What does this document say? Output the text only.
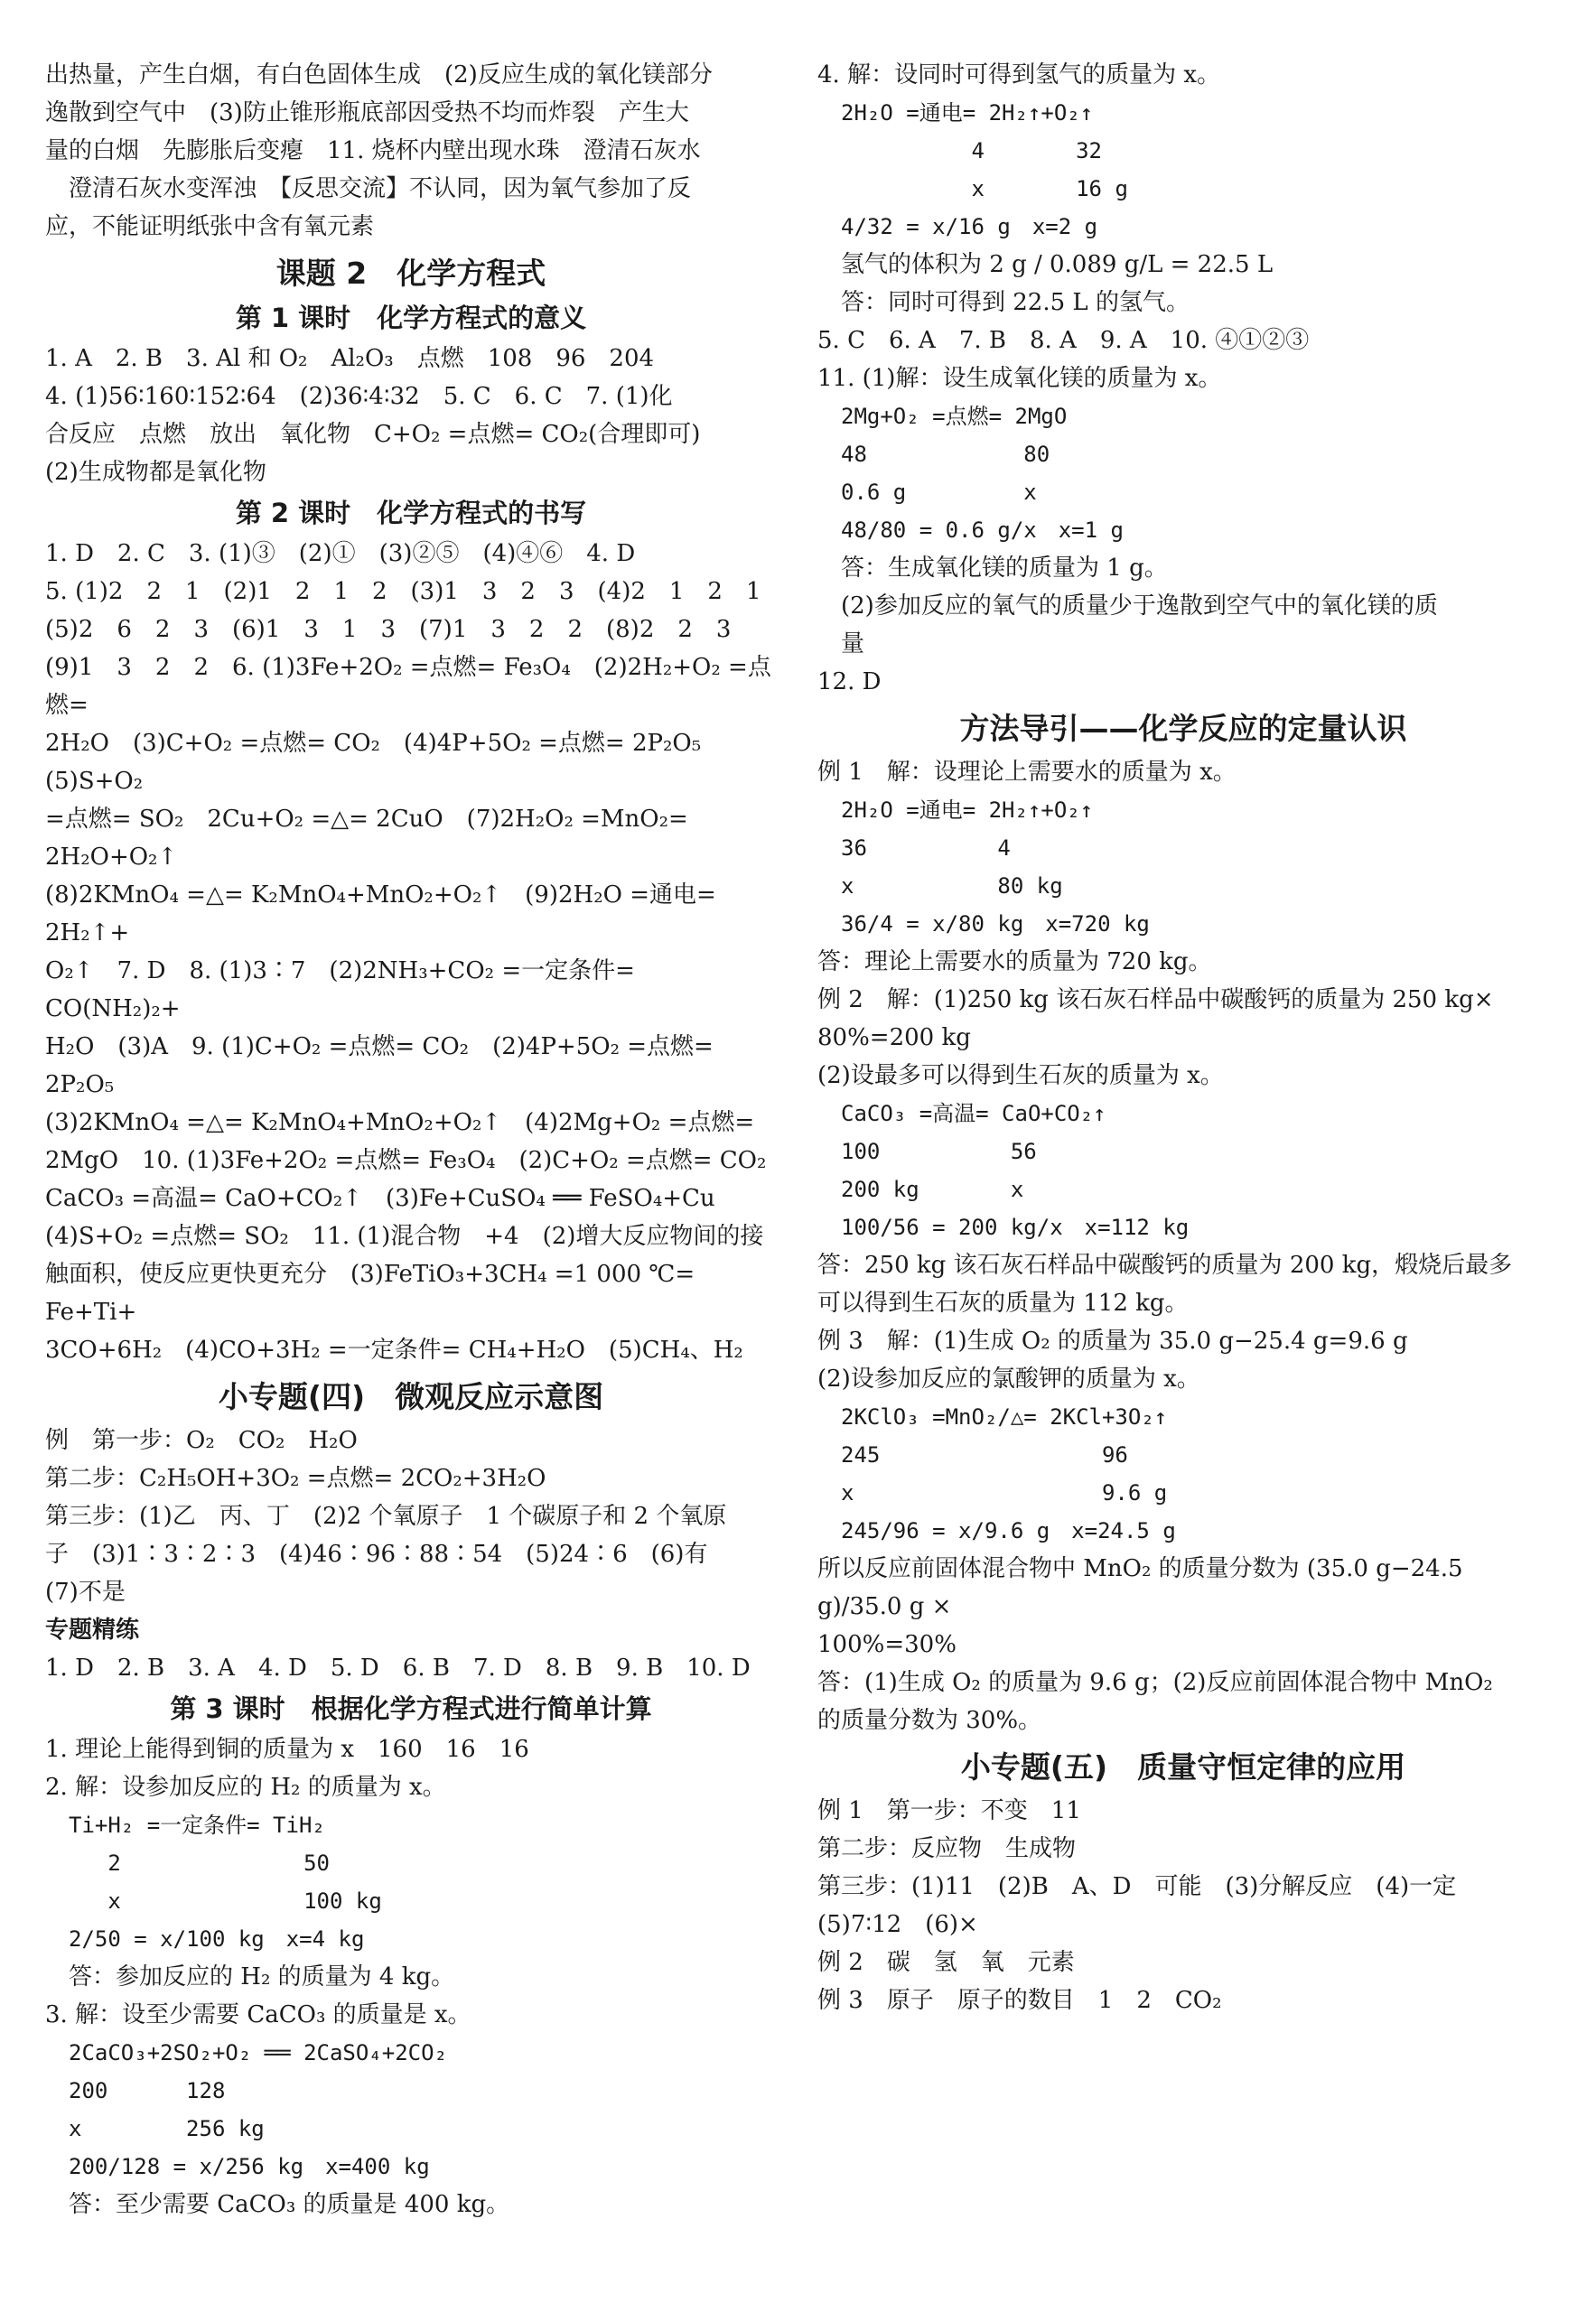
出热量，产生白烟，有白色固体生成　(2)反应生成的氧化镁部分
逸散到空气中　(3)防止锥形瓶底部因受热不均而炸裂　产生大
量的白烟　先膨胀后变瘪　11. 烧杯内壁出现水珠　澄清石灰水
　澄清石灰水变浑浊　【反思交流】不认同，因为氧气参加了反
应，不能证明纸张中含有氧元素
课题 2　化学方程式
第 1 课时　化学方程式的意义
1. A　2. B　3. Al 和 O₂　Al₂O₃　点燃　108　96　204
4. (1)56∶160∶152∶64　(2)36∶4∶32　5. C　6. C　7. (1)化
合反应　点燃　放出　氧化物　C+O₂ =点燃= CO₂(合理即可)
(2)生成物都是氧化物
第 2 课时　化学方程式的书写
1. D　2. C　3. (1)③　(2)①　(3)②⑤　(4)④⑥　4. D
5. (1)2　2　1　(2)1　2　1　2　(3)1　3　2　3　(4)2　1　2　1
(5)2　6　2　3　(6)1　3　1　3　(7)1　3　2　2　(8)2　2　3
(9)1　3　2　2　6. (1)3Fe+2O₂ =点燃= Fe₃O₄　(2)2H₂+O₂ =点燃=
2H₂O　(3)C+O₂ =点燃= CO₂　(4)4P+5O₂ =点燃= 2P₂O₅　(5)S+O₂
=点燃= SO₂　2Cu+O₂ =△= 2CuO　(7)2H₂O₂ =MnO₂= 2H₂O+O₂↑
(8)2KMnO₄ =△= K₂MnO₄+MnO₂+O₂↑　(9)2H₂O =通电= 2H₂↑+
O₂↑　7. D　8. (1)3∶7　(2)2NH₃+CO₂ =一定条件= CO(NH₂)₂+
H₂O　(3)A　9. (1)C+O₂ =点燃= CO₂　(2)4P+5O₂ =点燃= 2P₂O₅
(3)2KMnO₄ =△= K₂MnO₄+MnO₂+O₂↑　(4)2Mg+O₂ =点燃=
2MgO　10. (1)3Fe+2O₂ =点燃= Fe₃O₄　(2)C+O₂ =点燃= CO₂
CaCO₃ =高温= CaO+CO₂↑　(3)Fe+CuSO₄ ══ FeSO₄+Cu
(4)S+O₂ =点燃= SO₂　11. (1)混合物　+4　(2)增大反应物间的接
触面积，使反应更快更充分　(3)FeTiO₃+3CH₄ =1 000 ℃= Fe+Ti+
3CO+6H₂　(4)CO+3H₂ =一定条件= CH₄+H₂O　(5)CH₄、H₂
小专题(四)　微观反应示意图
例　第一步：O₂　CO₂　H₂O
第二步：C₂H₅OH+3O₂ =点燃= 2CO₂+3H₂O
第三步：(1)乙　丙、丁　(2)2 个氧原子　1 个碳原子和 2 个氧原
子　(3)1∶3∶2∶3　(4)46∶96∶88∶54　(5)24∶6　(6)有
(7)不是
专题精练
1. D　2. B　3. A　4. D　5. D　6. B　7. D　8. B　9. B　10. D
第 3 课时　根据化学方程式进行简单计算
1. 理论上能得到铜的质量为 x　160　16　16
2. 解：设参加反应的 H₂ 的质量为 x。
Ti+H₂ =一定条件= TiH₂
2              50
x              100 kg
2/50 = x/100 kg　x=4 kg
答：参加反应的 H₂ 的质量为 4 kg。
3. 解：设至少需要 CaCO₃ 的质量是 x。
2CaCO₃+2SO₂+O₂ ══ 2CaSO₄+2CO₂
200      128
x        256 kg
200/128 = x/256 kg　x=400 kg
答：至少需要 CaCO₃ 的质量是 400 kg。
4. 解：设同时可得到氢气的质量为 x。
2H₂O =通电= 2H₂↑+O₂↑
4       32
x       16 g
4/32 = x/16 g　x=2 g
氢气的体积为 2 g / 0.089 g/L = 22.5 L
答：同时可得到 22.5 L 的氢气。
5. C　6. A　7. B　8. A　9. A　10. ④①②③
11. (1)解：设生成氧化镁的质量为 x。
2Mg+O₂ =点燃= 2MgO
48            80
0.6 g         x
48/80 = 0.6 g/x　x=1 g
答：生成氧化镁的质量为 1 g。
(2)参加反应的氧气的质量少于逸散到空气中的氧化镁的质
量
12. D
方法导引——化学反应的定量认识
例 1　解：设理论上需要水的质量为 x。
2H₂O =通电= 2H₂↑+O₂↑
36          4
x           80 kg
36/4 = x/80 kg　x=720 kg
答：理论上需要水的质量为 720 kg。
例 2　解：(1)250 kg 该石灰石样品中碳酸钙的质量为 250 kg×
80%=200 kg
(2)设最多可以得到生石灰的质量为 x。
CaCO₃ =高温= CaO+CO₂↑
100          56
200 kg       x
100/56 = 200 kg/x　x=112 kg
答：250 kg 该石灰石样品中碳酸钙的质量为 200 kg，煅烧后最多
可以得到生石灰的质量为 112 kg。
例 3　解：(1)生成 O₂ 的质量为 35.0 g−25.4 g=9.6 g
(2)设参加反应的氯酸钾的质量为 x。
2KClO₃ =MnO₂/△= 2KCl+3O₂↑
245                 96
x                   9.6 g
245/96 = x/9.6 g　x=24.5 g
所以反应前固体混合物中 MnO₂ 的质量分数为 (35.0 g−24.5 g)/35.0 g ×
100%=30%
答：(1)生成 O₂ 的质量为 9.6 g；(2)反应前固体混合物中 MnO₂
的质量分数为 30%。
小专题(五)　质量守恒定律的应用
例 1　第一步：不变　11
第二步：反应物　生成物
第三步：(1)11　(2)B　A、D　可能　(3)分解反应　(4)一定
(5)7∶12　(6)×
例 2　碳　氢　氧　元素
例 3　原子　原子的数目　1　2　CO₂
